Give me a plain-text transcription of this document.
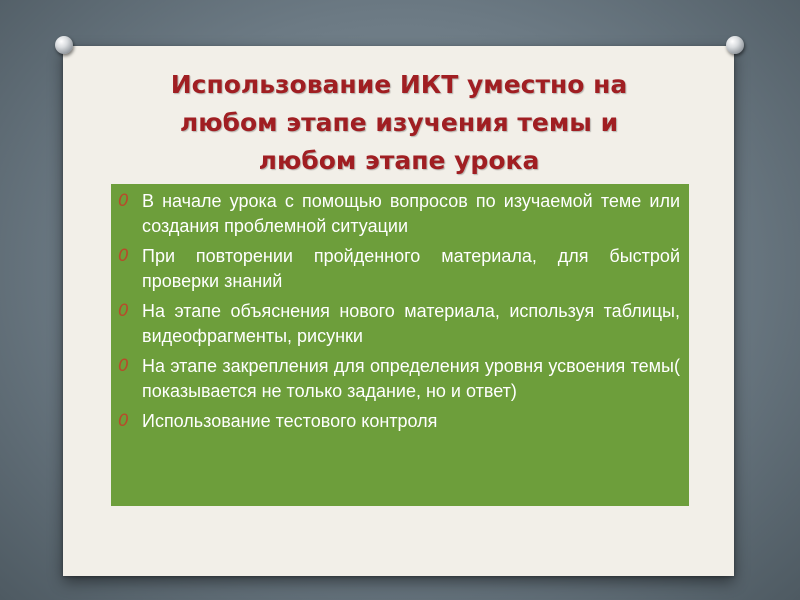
Использование ИКТ уместно на
любом этапе изучения темы и
любом этапе урока
0 В начале урока с помощью вопросов по изучаемой теме или создания проблемной ситуации
0 При повторении пройденного материала, для быстрой проверки знаний
0 На этапе объяснения нового материала, используя таблицы, видеофрагменты, рисунки
0 На этапе закрепления для определения уровня усвоения темы( показывается не только задание, но и ответ)
0 Использование тестового контроля
